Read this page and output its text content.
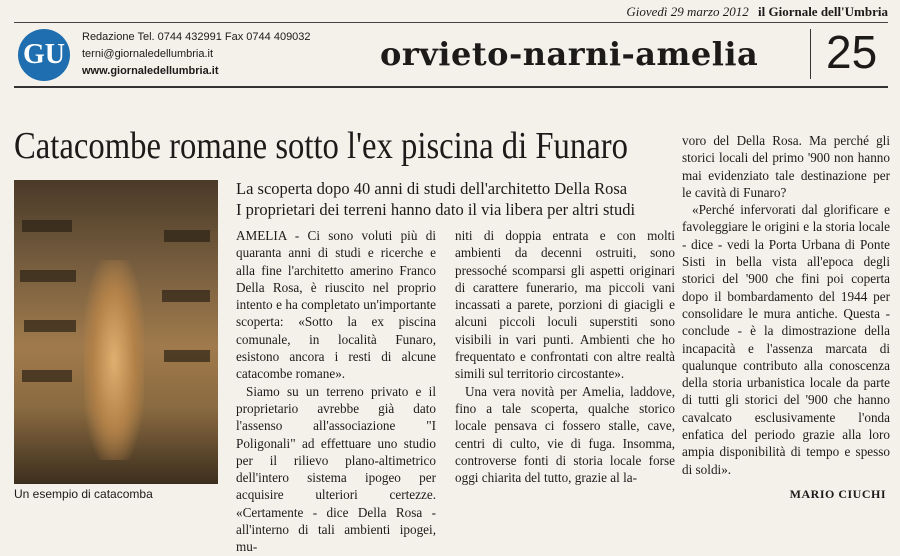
Giovedì 29 marzo 2012 il Giornale dell'Umbria
GU
Redazione Tel. 0744 432991 Fax 0744 409032
terni@giornaledellumbria.it
www.giornaledellumbria.it	orvieto-narni-amelia 25
Catacombe romane sotto l'ex piscina di Funaro
Un esempio di catacomba
La scoperta dopo 40 anni di studi dell'architetto Della Rosa
I proprietari dei terreni hanno dato il via libera per altri studi

AMELIA - Ci sono voluti più di quaranta anni di studi e ricerche e alla fine l'architetto amerino Franco Della Rosa, è riuscito nel proprio intento e ha completato un'importante scoperta: «Sotto la ex piscina comunale, in località Funaro, esistono ancora i resti di alcune catacombe romane».

Siamo su un terreno privato e il proprietario avrebbe già dato l'assenso all'associazione "I Poligonali" ad effettuare uno studio per il rilievo plano-altimetrico dell'intero sistema ipogeo per acquisire ulteriori certezze. «Certamente - dice Della Rosa - all'interno di tali ambienti ipogei, mu-

niti di doppia entrata e con molti ambienti da decenni ostruiti, sono pressoché scomparsi gli aspetti originari di carattere funerario, ma piccoli vani incassati a parete, porzioni di giacigli e alcuni piccoli loculi superstiti sono visibili in vari punti. Ambienti che ho frequentato e confrontati con altre realtà simili sul territorio circostante».

Una vera novità per Amelia, laddove, fino a tale scoperta, qualche storico locale pensava ci fossero stalle, cave, centri di culto, vie di fuga. Insomma, controverse fonti di storia locale forse oggi chiarita del tutto, grazie al la-

voro del Della Rosa. Ma perché gli storici locali del primo '900 non hanno mai evidenziato tale destinazione per le cavità di Funaro?

«Perché infervorati dal glorificare e favoleggiare le origini e la storia locale - dice - vedi la Porta Urbana di Ponte Sisti in bella vista all'epoca degli storici del '900 che fini poi coperta dopo il bombardamento del 1944 per consolidare le mura antiche. Questa - conclude - è la dimostrazione della incapacità e l'assenza marcata di qualunque contributo alla conoscenza della storia urbanistica locale da parte di tutti gli storici del '900 che hanno cavalcato esclusivamente l'onda enfatica del periodo grazie alla loro ampia disponibilità di tempo e spesso di soldi».

MARIO CIUCHI
